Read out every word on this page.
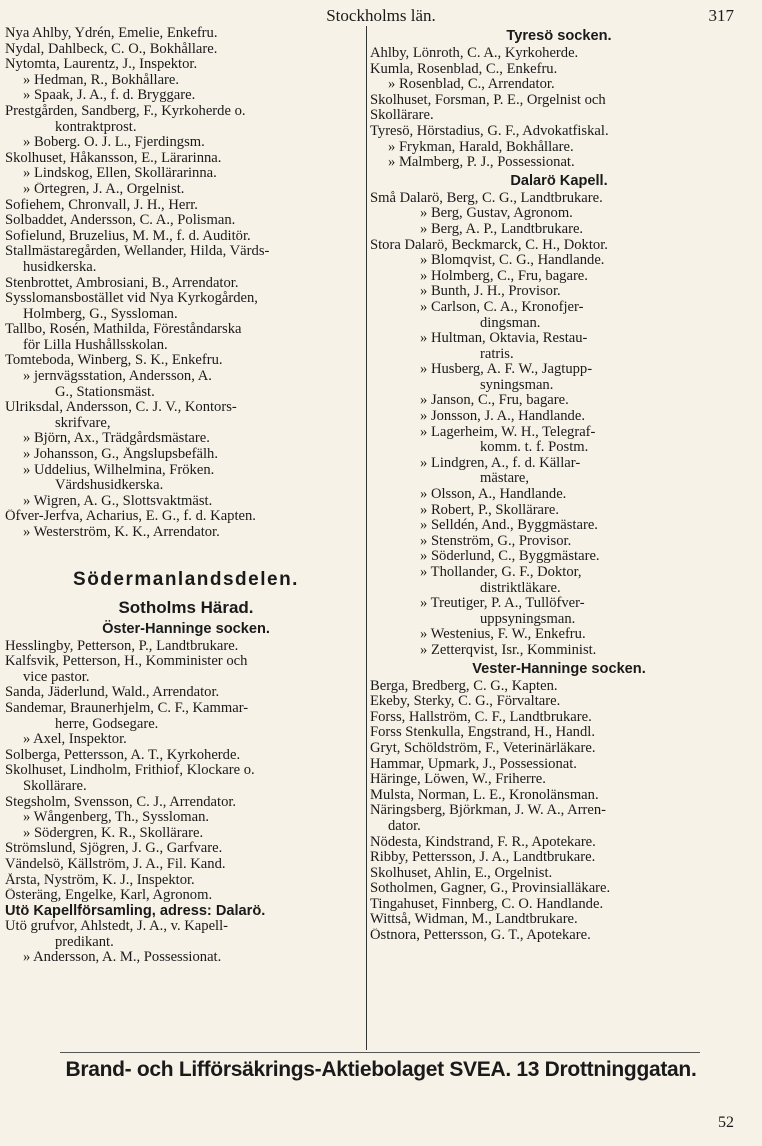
Stockholms län.	317
Nya Ahlby, Ydrén, Emelie, Enkefru.
Nydal, Dahlbeck, C. O., Bokhållare.
Nytomta, Laurentz, J., Inspektor.
» Hedman, R., Bokhållare.
» Spaak, J. A., f. d. Bryggare.
Prestgården, Sandberg, F., Kyrkoherde o.
kontraktprost.
» Boberg. O. J. L., Fjerdingsm.
Skolhuset, Håkansson, E., Lärarinna.
» Lindskog, Ellen, Skollärarinna.
» Örtegren, J. A., Orgelnist.
Sofiehem, Chronvall, J. H., Herr.
Solbaddet, Andersson, C. A., Polisman.
Sofielund, Bruzelius, M. M., f. d. Auditör.
Stallmästaregården, Wellander, Hilda, Värds-
husidkerska.
Stenbrottet, Ambrosiani, B., Arrendator.
Sysslomansbostället vid Nya Kyrkogården,
Holmberg, G., Syssloman.
Tallbo, Rosén, Mathilda, Föreståndarska
för Lilla Hushållsskolan.
Tomteboda, Winberg, S. K., Enkefru.
» jernvägsstation, Andersson, A.
G., Stationsmäst.
Ulriksdal, Andersson, C. J. V., Kontors-
skrifvare,
» Björn, Ax., Trädgårdsmästare.
» Johansson, G., Ångslupsbefälh.
» Uddelius, Wilhelmina, Fröken.
Värdshusidkerska.
» Wigren, A. G., Slottsvaktmäst.
Öfver-Jerfva, Acharius, E. G., f. d. Kapten.
» Westerström, K. K., Arrendator.
Södermanlandsdelen.
Sotholms Härad.
Öster-Hanninge socken.
Hesslingby, Petterson, P., Landtbrukare.
Kalfsvik, Petterson, H., Komminister och
vice pastor.
Sanda, Jäderlund, Wald., Arrendator.
Sandemar, Braunerhjelm, C. F., Kammar-
herre, Godsegare.
» Axel, Inspektor.
Solberga, Pettersson, A. T., Kyrkoherde.
Skolhuset, Lindholm, Frithiof, Klockare o.
Skollärare.
Stegsholm, Svensson, C. J., Arrendator.
» Wångenberg, Th., Syssloman.
» Södergren, K. R., Skollärare.
Strömslund, Sjögren, J. G., Garfvare.
Vändelsö, Källström, J. A., Fil. Kand.
Årsta, Nyström, K. J., Inspektor.
Österäng, Engelke, Karl, Agronom.
Utö Kapellförsamling, adress: Dalarö.
Utö grufvor, Ahlstedt, J. A., v. Kapell-
predikant.
» Andersson, A. M., Possessionat.
Tyresö socken.
Ahlby, Lönroth, C. A., Kyrkoherde.
Kumla, Rosenblad, C., Enkefru.
» Rosenblad, C., Arrendator.
Skolhuset, Forsman, P. E., Orgelnist och
Skollärare.
Tyresö, Hörstadius, G. F., Advokatfiskal.
» Frykman, Harald, Bokhållare.
» Malmberg, P. J., Possessionat.
Dalarö Kapell.
Små Dalarö, Berg, C. G., Landtbrukare.
» Berg, Gustav, Agronom.
» Berg, A. P., Landtbrukare.
Stora Dalarö, Beckmarck, C. H., Doktor.
» Blomqvist, C. G., Handlande.
» Holmberg, C., Fru, bagare.
» Bunth, J. H., Provisor.
» Carlson, C. A., Kronofjer-
dingsman.
» Hultman, Oktavia, Restau-
ratris.
» Husberg, A. F. W., Jagtupp-
syningsman.
» Janson, C., Fru, bagare.
» Jonsson, J. A., Handlande.
» Lagerheim, W. H., Telegraf-
komm. t. f. Postm.
» Lindgren, A., f. d. Källar-
mästare,
» Olsson, A., Handlande.
» Robert, P., Skollärare.
» Selldén, And., Byggmästare.
» Stenström, G., Provisor.
» Söderlund, C., Byggmästare.
» Thollander, G. F., Doktor,
distriktläkare.
» Treutiger, P. A., Tullöfver-
uppsyningsman.
» Westenius, F. W., Enkefru.
» Zetterqvist, Isr., Komminist.
Vester-Hanninge socken.
Berga, Bredberg, C. G., Kapten.
Ekeby, Sterky, C. G., Förvaltare.
Forss, Hallström, C. F., Landtbrukare.
Forss Stenkulla, Engstrand, H., Handl.
Gryt, Schöldström, F., Veterinärläkare.
Hammar, Upmark, J., Possessionat.
Häringe, Löwen, W., Friherre.
Mulsta, Norman, L. E., Kronolänsman.
Näringsberg, Björkman, J. W. A., Arren-
dator.
Nödesta, Kindstrand, F. R., Apotekare.
Ribby, Pettersson, J. A., Landtbrukare.
Skolhuset, Ahlin, E., Orgelnist.
Sotholmen, Gagner, G., Provinsialläkare.
Tingahuset, Finnberg, C. O. Handlande.
Wittså, Widman, M., Landtbrukare.
Östnora, Pettersson, G. T., Apotekare.
Brand- och Lifförsäkrings-Aktiebolaget SVEA. 13 Drottninggatan.
52
